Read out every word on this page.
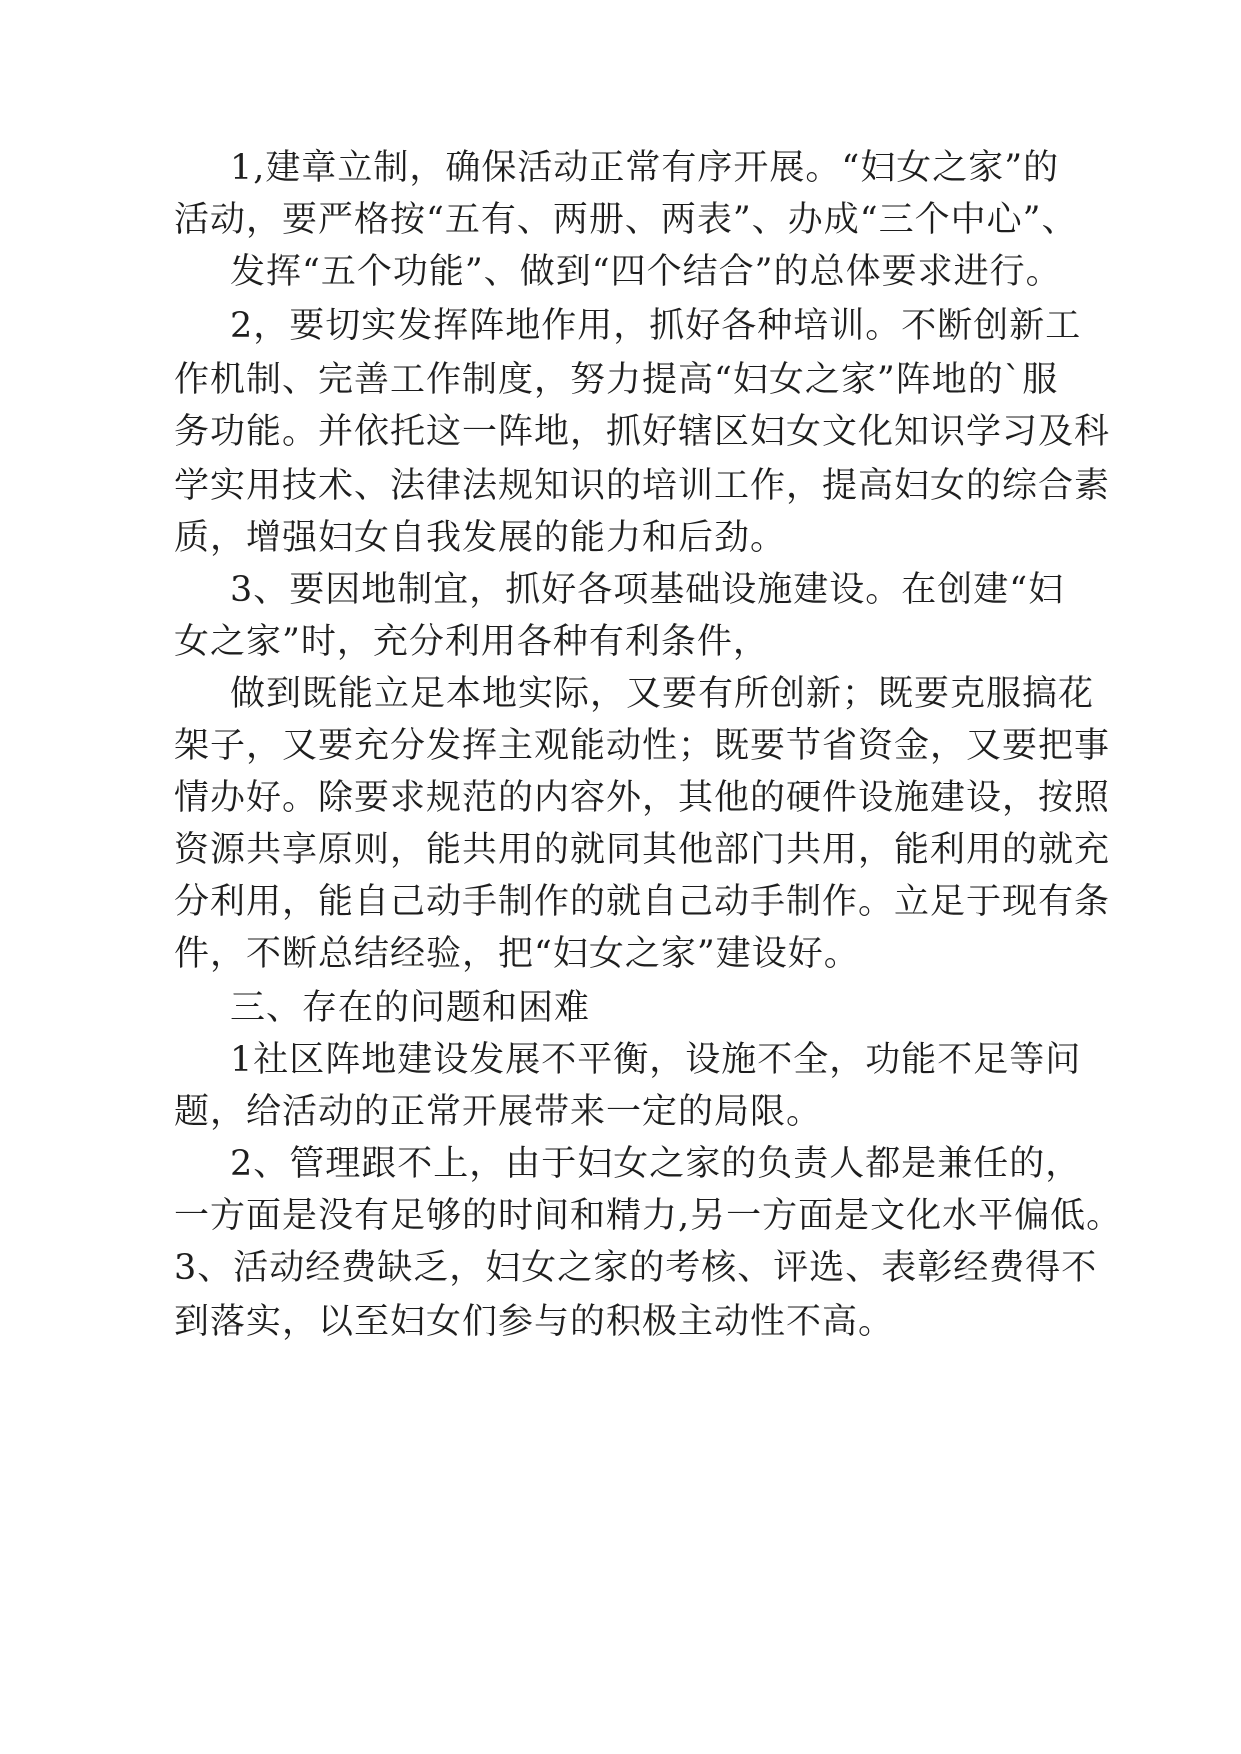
1,建章立制，确保活动正常有序开展。“妇女之家”的
活动，要严格按“五有、两册、两表”、办成“三个中心”、
发挥“五个功能”、做到“四个结合”的总体要求进行。
2，要切实发挥阵地作用，抓好各种培训。不断创新工
作机制、完善工作制度，努力提高“妇女之家”阵地的`服
务功能。并依托这一阵地，抓好辖区妇女文化知识学习及科
学实用技术、法律法规知识的培训工作，提高妇女的综合素
质，增强妇女自我发展的能力和后劲。
3、要因地制宜，抓好各项基础设施建设。在创建“妇
女之家”时，充分利用各种有利条件，
做到既能立足本地实际，又要有所创新；既要克服搞花
架子，又要充分发挥主观能动性；既要节省资金，又要把事
情办好。除要求规范的内容外，其他的硬件设施建设，按照
资源共享原则，能共用的就同其他部门共用，能利用的就充
分利用，能自己动手制作的就自己动手制作。立足于现有条
件，不断总结经验，把“妇女之家”建设好。
三、存在的问题和困难
1社区阵地建设发展不平衡，设施不全，功能不足等问
题，给活动的正常开展带来一定的局限。
2、管理跟不上，由于妇女之家的负责人都是兼任的，
一方面是没有足够的时间和精力,另一方面是文化水平偏低。
3、活动经费缺乏，妇女之家的考核、评选、表彰经费得不
到落实，以至妇女们参与的积极主动性不高。
